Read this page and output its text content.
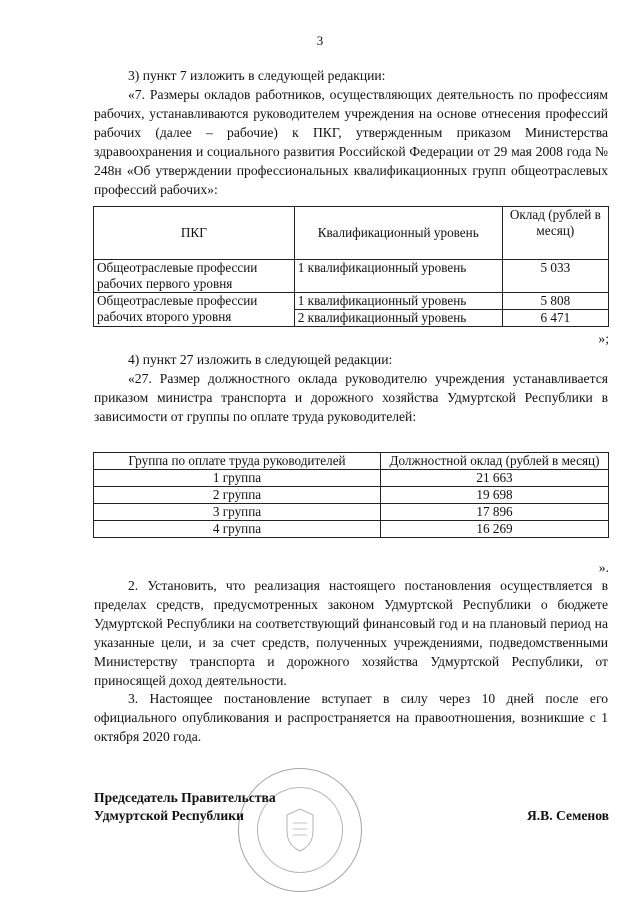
3

3) пункт 7 изложить в следующей редакции:

«7. Размеры окладов работников, осуществляющих деятельность по профессиям рабочих, устанавливаются руководителем учреждения на основе отнесения профессий рабочих (далее – рабочие) к ПКГ, утвержденным приказом Министерства здравоохранения и социального развития Российской Федерации от 29 мая 2008 года № 248н «Об утверждении профессиональных квалификационных групп общеотраслевых профессий рабочих»:

ПКГ	Квалификационный уровень	Оклад (рублей в месяц)
Общеотраслевые профессии рабочих первого уровня	1 квалификационный уровень	5 033
Общеотраслевые профессии рабочих второго уровня	1 квалификационный уровень	5 808
	2 квалификационный уровень	6 471
»;

4) пункт 27 изложить в следующей редакции:

«27. Размер должностного оклада руководителю учреждения устанавливается приказом министра транспорта и дорожного хозяйства Удмуртской Республики в зависимости от группы по оплате труда руководителей:

Группа по оплате труда руководителей	Должностной оклад (рублей в месяц)
1 группа	21 663
2 группа	19 698
3 группа	17 896
4 группа	16 269
».

2. Установить, что реализация настоящего постановления осуществляется в пределах средств, предусмотренных законом Удмуртской Республики о бюджете Удмуртской Республики на соответствующий финансовый год и на плановый период на указанные цели, и за счет средств, полученных учреждениями, подведомственными Министерству транспорта и дорожного хозяйства Удмуртской Республики, от приносящей доход деятельности.

3. Настоящее постановление вступает в силу через 10 дней после его официального опубликования и распространяется на правоотношения, возникшие с 1 октября 2020 года.

Председатель Правительства
Удмуртской Республики	Я.В. Семенов
